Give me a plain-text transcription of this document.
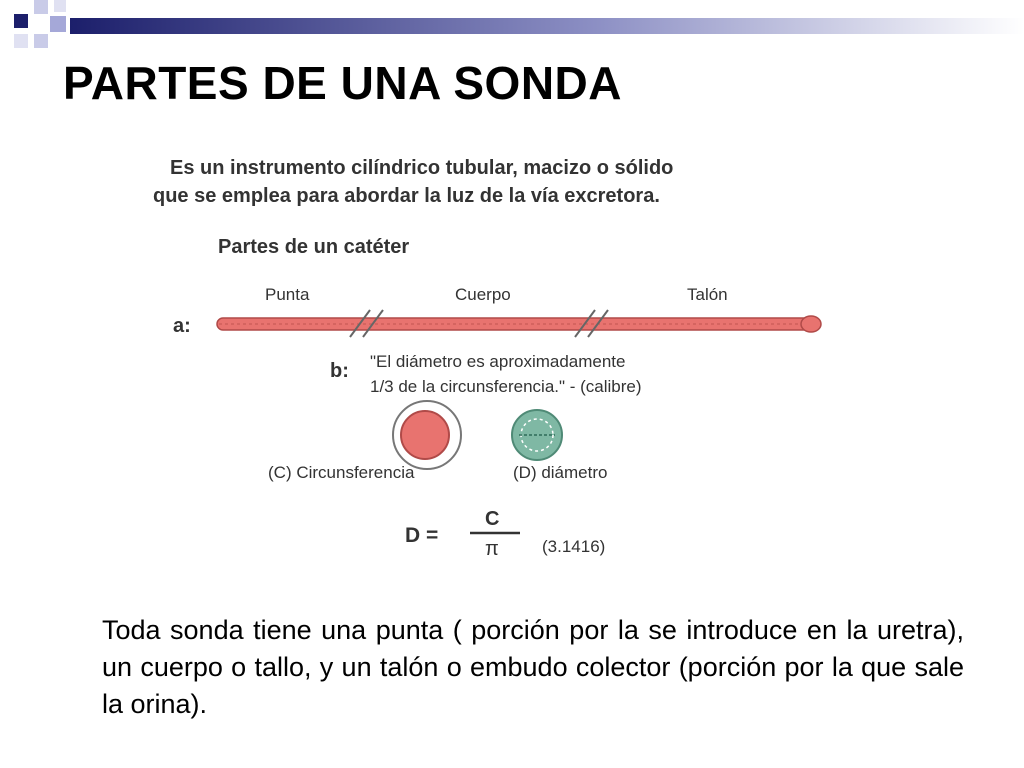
PARTES DE UNA SONDA
Es un instrumento cilíndrico tubular, macizo o sólido
que se emplea para abordar la luz de la vía excretora.
Partes de un catéter
Punta	Cuerpo	Talón
a:
b: "El diámetro es aproximadamente
1/3 de la circunsferencia." - (calibre)
(C) Circunsferencia	(D) diámetro
D =
C
π	(3.1416)

Toda sonda tiene una punta ( porción por la se introduce en la uretra), un cuerpo o tallo, y un talón o embudo colector (porción por la que sale la orina).
